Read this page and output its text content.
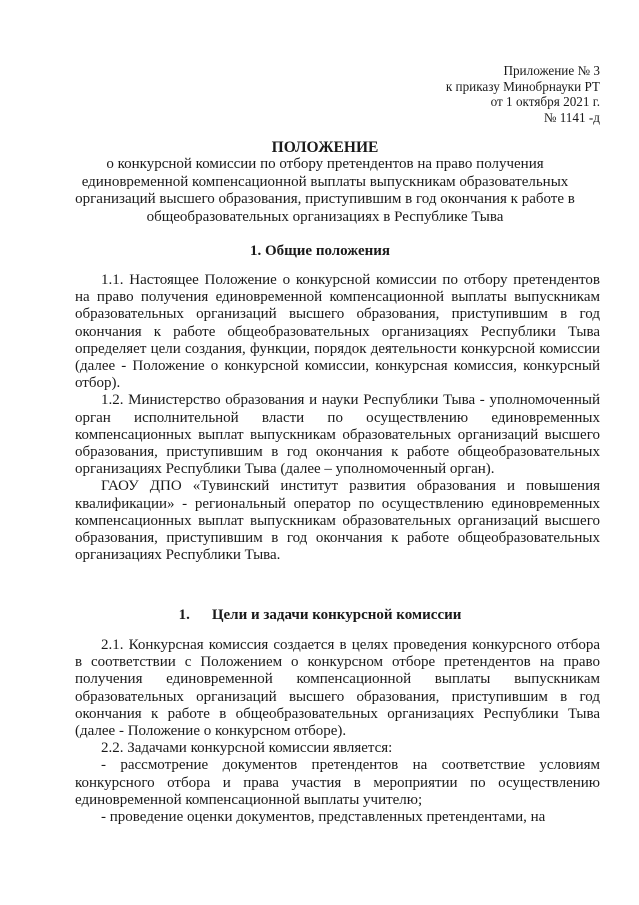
Приложение № 3
к приказу Минобрнауки РТ
от 1 октября 2021 г.
№ 1141 -д
ПОЛОЖЕНИЕ
о конкурсной комиссии по отбору претендентов на право получения
единовременной компенсационной выплаты выпускникам образовательных
организаций высшего образования, приступившим в год окончания к работе в
общеобразовательных организациях в Республике Тыва
1. Общие положения

1.1. Настоящее Положение о конкурсной комиссии по отбору претендентов на право получения единовременной компенсационной выплаты выпускникам образовательных организаций высшего образования, приступившим в год окончания к работе общеобразовательных организациях Республики Тыва определяет цели создания, функции, порядок деятельности конкурсной комиссии (далее - Положение о конкурсной комиссии, конкурсная комиссия, конкурсный отбор).

1.2. Министерство образования и науки Республики Тыва - уполномоченный орган исполнительной власти по осуществлению единовременных компенсационных выплат выпускникам образовательных организаций высшего образования, приступившим в год окончания к работе общеобразовательных организациях Республики Тыва (далее – уполномоченный орган).

ГАОУ ДПО «Тувинский институт развития образования и повышения квалификации» - региональный оператор по осуществлению единовременных компенсационных выплат выпускникам образовательных организаций высшего образования, приступившим в год окончания к работе общеобразовательных организациях Республики Тыва.

1. Цели и задачи конкурсной комиссии

2.1. Конкурсная комиссия создается в целях проведения конкурсного отбора в соответствии с Положением о конкурсном отборе претендентов на право получения единовременной компенсационной выплаты выпускникам образовательных организаций высшего образования, приступившим в год окончания к работе в общеобразовательных организациях Республики Тыва (далее - Положение о конкурсном отборе).

2.2. Задачами конкурсной комиссии является:

- рассмотрение документов претендентов на соответствие условиям конкурсного отбора и права участия в мероприятии по осуществлению единовременной компенсационной выплаты учителю;

- проведение оценки документов, представленных претендентами, на
